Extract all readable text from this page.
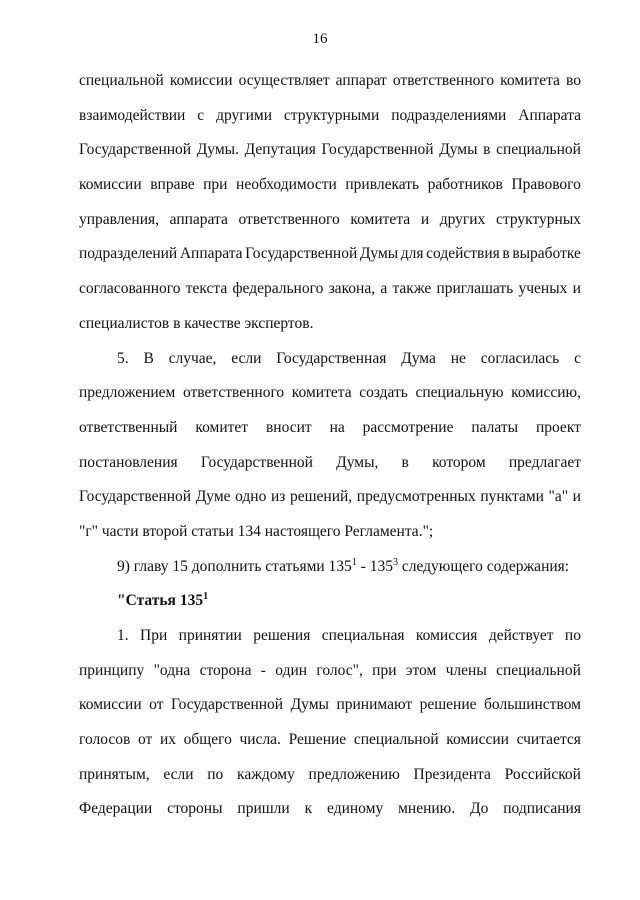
16
специальной комиссии осуществляет аппарат ответственного комитета во
взаимодействии с другими структурными подразделениями Аппарата
Государственной Думы. Депутация Государственной Думы в специальной
комиссии вправе при необходимости привлекать работников Правового
управления, аппарата ответственного комитета и других структурных
подразделений Аппарата Государственной Думы для содействия в выработке
согласованного текста федерального закона, а также приглашать ученых и
специалистов в качестве экспертов.
5. В случае, если Государственная Дума не согласилась с
предложением ответственного комитета создать специальную комиссию,
ответственный комитет вносит на рассмотрение палаты проект
постановления Государственной Думы, в котором предлагает
Государственной Думе одно из решений, предусмотренных пунктами "а" и
"г" части второй статьи 134 настоящего Регламента.";
9) главу 15 дополнить статьями $135^1 - 135^3$ следующего содержания:
"Статья $135^1$
1. При принятии решения специальная комиссия действует по
принципу "одна сторона - один голос", при этом члены специальной
комиссии от Государственной Думы принимают решение большинством
голосов от их общего числа. Решение специальной комиссии считается
принятым, если по каждому предложению Президента Российской
Федерации стороны пришли к единому мнению. До подписания
